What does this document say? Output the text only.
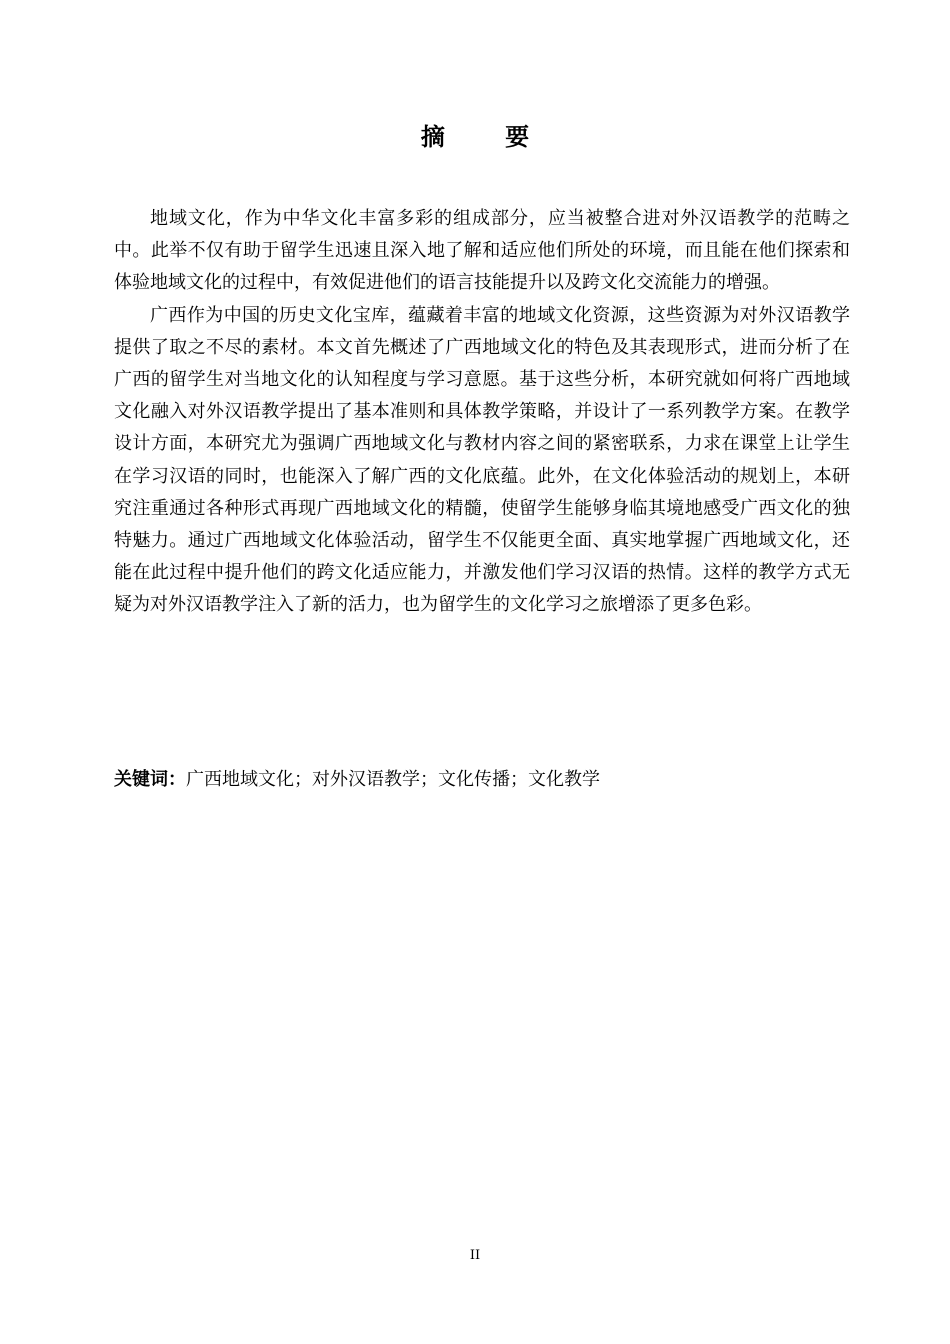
摘 要

地域文化，作为中华文化丰富多彩的组成部分，应当被整合进对外汉语教学的范畴之中。此举不仅有助于留学生迅速且深入地了解和适应他们所处的环境，而且能在他们探索和体验地域文化的过程中，有效促进他们的语言技能提升以及跨文化交流能力的增强。

广西作为中国的历史文化宝库，蕴藏着丰富的地域文化资源，这些资源为对外汉语教学提供了取之不尽的素材。本文首先概述了广西地域文化的特色及其表现形式，进而分析了在广西的留学生对当地文化的认知程度与学习意愿。基于这些分析，本研究就如何将广西地域文化融入对外汉语教学提出了基本准则和具体教学策略，并设计了一系列教学方案。在教学设计方面，本研究尤为强调广西地域文化与教材内容之间的紧密联系，力求在课堂上让学生在学习汉语的同时，也能深入了解广西的文化底蕴。此外，在文化体验活动的规划上，本研究注重通过各种形式再现广西地域文化的精髓，使留学生能够身临其境地感受广西文化的独特魅力。通过广西地域文化体验活动，留学生不仅能更全面、真实地掌握广西地域文化，还能在此过程中提升他们的跨文化适应能力，并激发他们学习汉语的热情。这样的教学方式无疑为对外汉语教学注入了新的活力，也为留学生的文化学习之旅增添了更多色彩。

关键词：广西地域文化；对外汉语教学；文化传播；文化教学
II
